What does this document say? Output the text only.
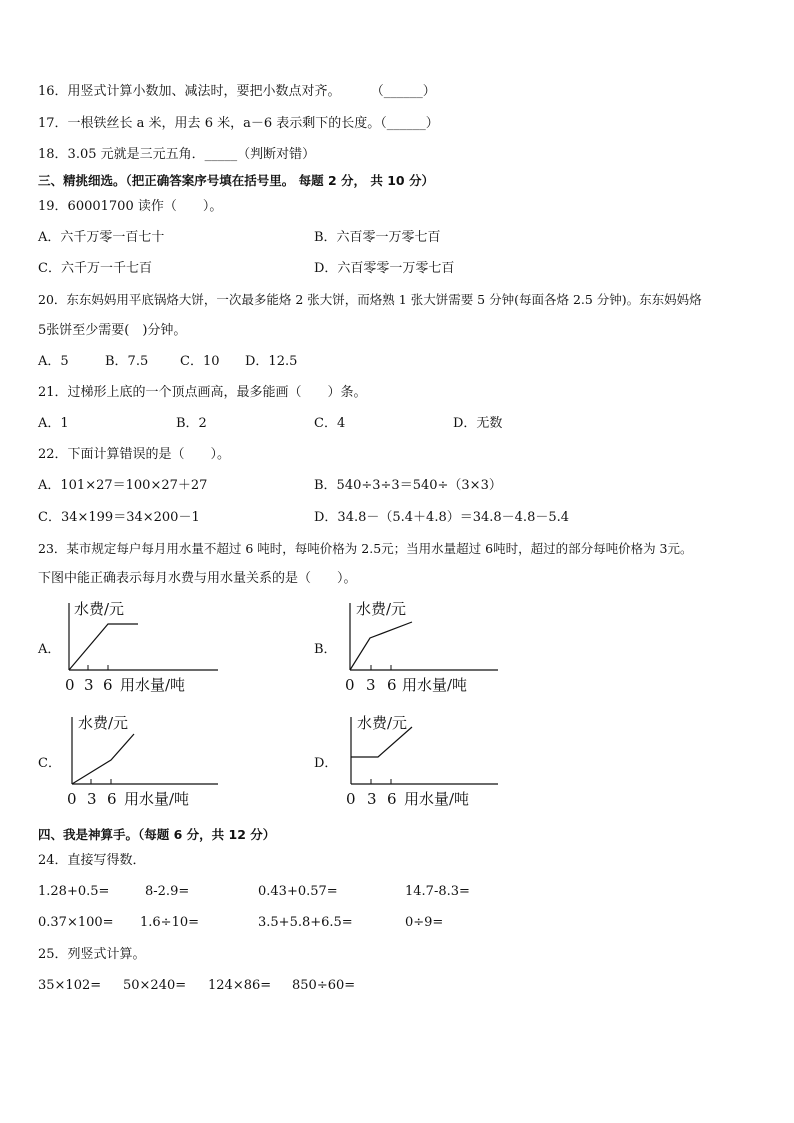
16．用竖式计算小数加、减法时，要把小数点对齐。 （______）
17．一根铁丝长 a 米，用去 6 米，a－6 表示剩下的长度。（______）
18．3.05 元就是三元五角．_____（判断对错）
三、精挑细选。（把正确答案序号填在括号里。 每题 2 分， 共 10 分）
19．60001700 读作（　　）。
A．六千万零一百七十	B．六百零一万零七百
C．六千万一千七百	D．六百零零一万零七百
20．东东妈妈用平底锅烙大饼，一次最多能烙 2 张大饼，而烙熟 1 张大饼需要 5 分钟(每面各烙 2.5 分钟)。东东妈妈烙
5张饼至少需要(　)分钟。
A．5	B．7.5 C．10 D．12.5
21．过梯形上底的一个顶点画高，最多能画（　　）条。
A．1	B．2	C．4	D．无数
22．下面计算错误的是（　　）。
A．101×27＝100×27＋27	B．540÷3÷3＝540÷（3×3）
C．34×199＝34×200－1	D．34.8－（5.4＋4.8）＝34.8－4.8－5.4
23．某市规定每户每月用水量不超过 6 吨时，每吨价格为 2.5元；当用水量超过 6吨时，超过的部分每吨价格为 3元。
下图中能正确表示每月水费与用水量关系的是（　　）。
A．
水费/元
0 3 6 用水量/吨
B．
水费/元
0 3 6 用水量/吨
C．
水费/元
0 3 6 用水量/吨
D．
水费/元
0 3 6 用水量/吨
四、我是神算手。（每题 6 分，共 12 分）
24．直接写得数．
1.28+0.5=	8-2.9=	0.43+0.57=	14.7-8.3=
0.37×100= 1.6÷10=	3.5+5.8+6.5=	0÷9=
25．列竖式计算。
35×102= 50×240= 124×86= 850÷60=
